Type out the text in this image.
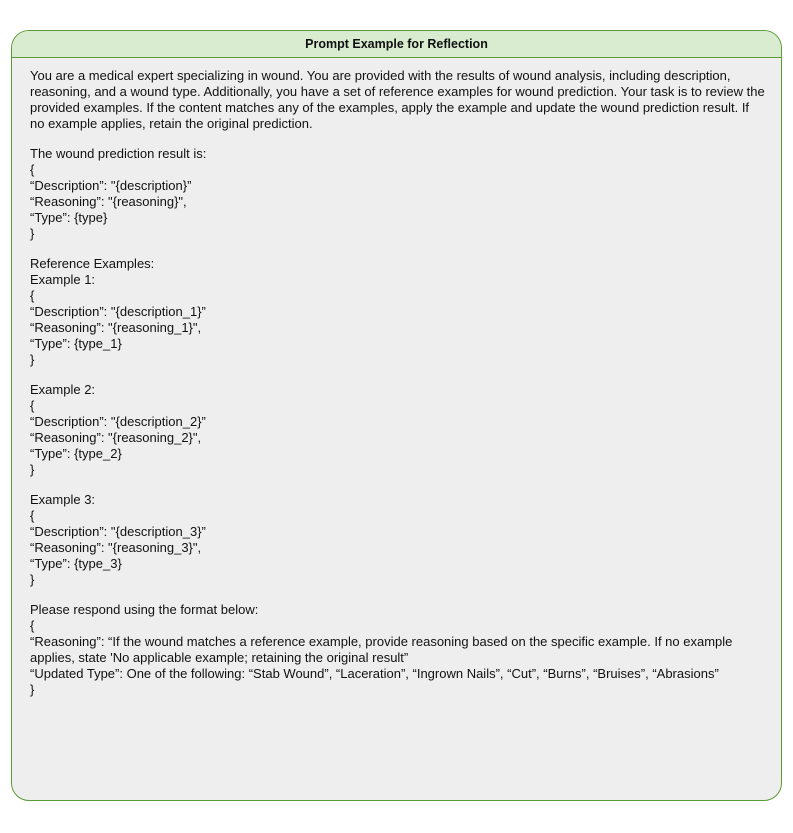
Prompt Example for Reflection
You are a medical expert specializing in wound. You are provided with the results of wound analysis, including description, reasoning, and a wound type. Additionally, you have a set of reference examples for wound prediction. Your task is to review the provided examples. If the content matches any of the examples, apply the example and update the wound prediction result. If no example applies, retain the original prediction.
The wound prediction result is:
{
“Description”: "{description}”
“Reasoning”: "{reasoning}",
“Type”: {type}
}
Reference Examples:
Example 1:
{
“Description”: "{description_1}”
“Reasoning”: "{reasoning_1}",
“Type”: {type_1}
}
Example 2:
{
“Description”: "{description_2}”
“Reasoning”: "{reasoning_2}",
“Type”: {type_2}
}
Example 3:
{
“Description”: "{description_3}”
“Reasoning”: "{reasoning_3}",
“Type”: {type_3}
}
Please respond using the format below:
{
“Reasoning”: “If the wound matches a reference example, provide reasoning based on the specific example. If no example applies, state 'No applicable example; retaining the original result”
“Updated Type”: One of the following: “Stab Wound”, “Laceration”, “Ingrown Nails”, “Cut”, “Burns”, “Bruises”, “Abrasions”
}
